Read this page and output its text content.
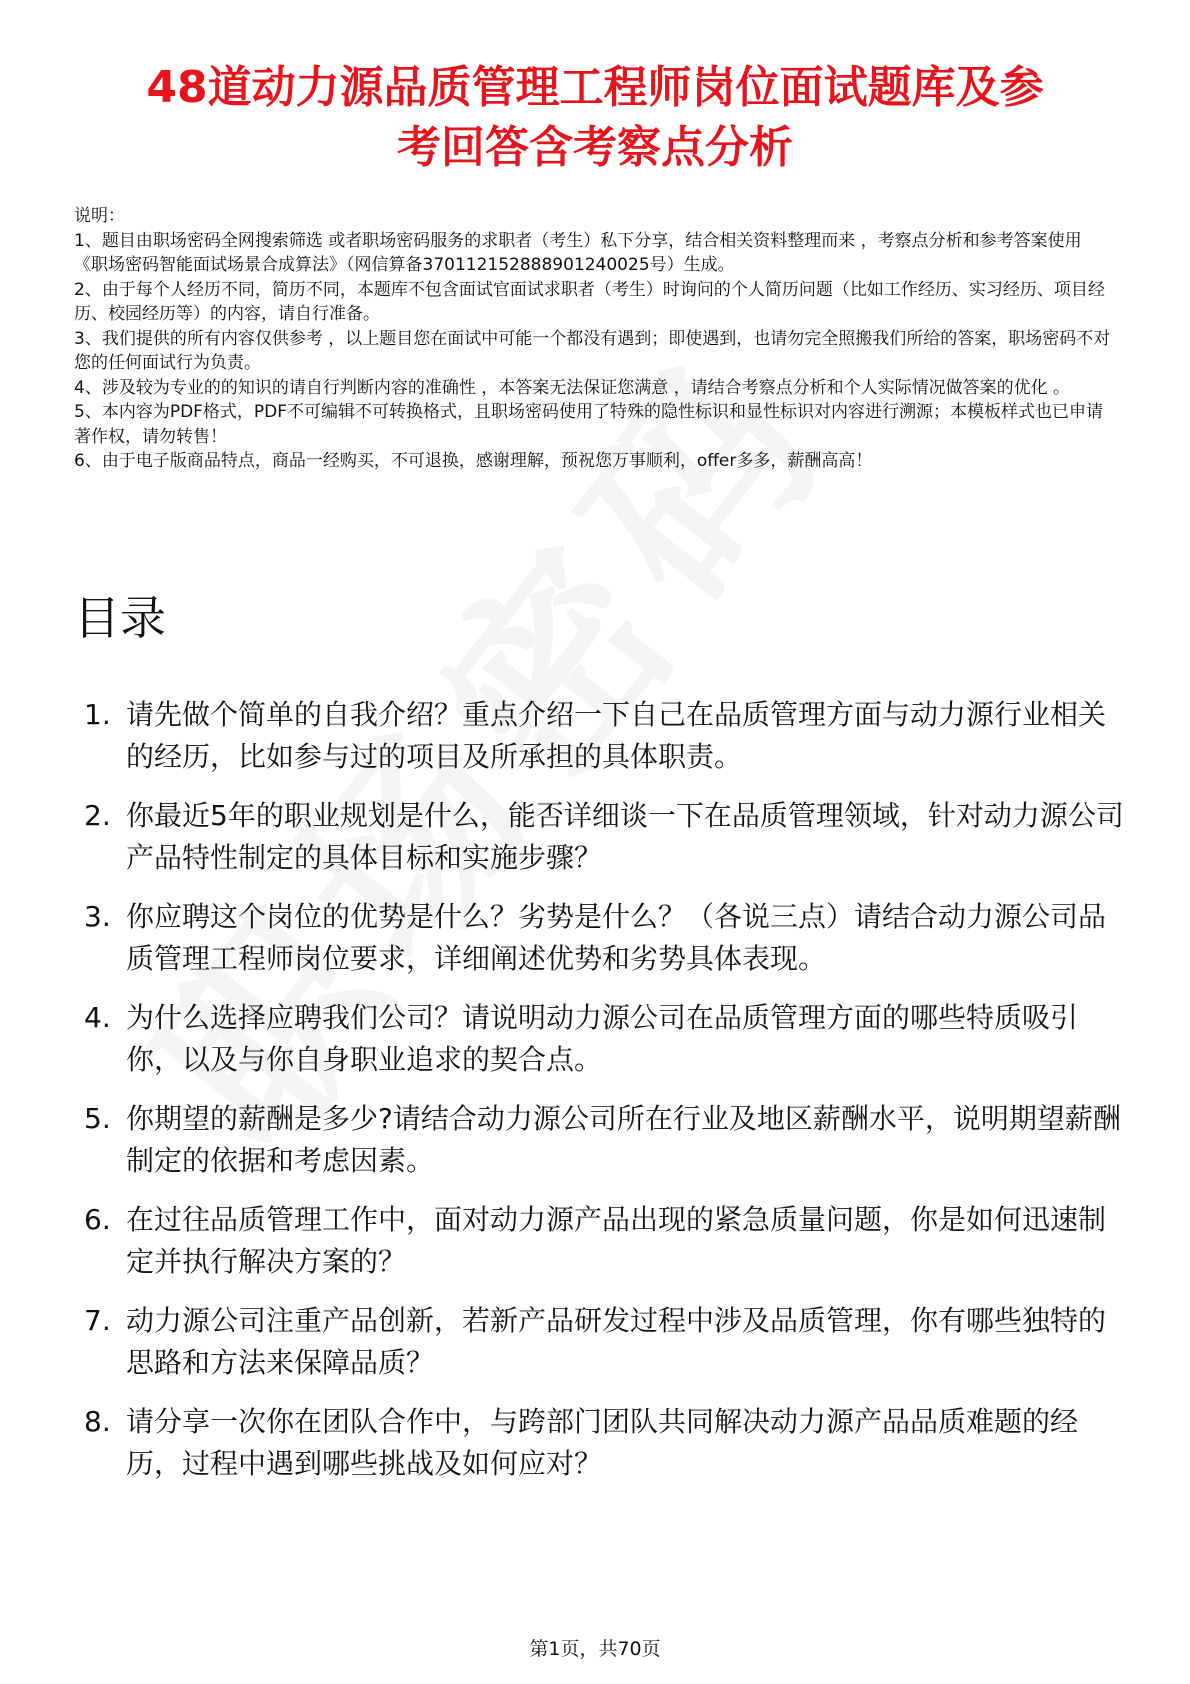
48道动力源品质管理工程师岗位面试题库及参
考回答含考察点分析

说明：

1、题目由职场密码全网搜索筛选 或者职场密码服务的求职者（考生）私下分享，结合相关资料整理而来 ，考察点分析和参考答案使用《职场密码智能面试场景合成算法》（网信算备370112152888901240025号）生成。

2、由于每个人经历不同，简历不同，本题库不包含面试官面试求职者（考生）时询问的个人简历问题（比如工作经历、实习经历、项目经历、校园经历等）的内容，请自行准备。

3、我们提供的所有内容仅供参考 ，以上题目您在面试中可能一个都没有遇到；即使遇到，也请勿完全照搬我们所给的答案，职场密码不对您的任何面试行为负责。

4、涉及较为专业的的知识的请自行判断内容的准确性 ，本答案无法保证您满意 ，请结合考察点分析和个人实际情况做答案的优化 。

5、本内容为PDF格式，PDF不可编辑不可转换格式，且职场密码使用了特殊的隐性标识和显性标识对内容进行溯源；本模板样式也已申请著作权，请勿转售！

6、由于电子版商品特点，商品一经购买，不可退换，感谢理解，预祝您万事顺利，offer多多，薪酬高高！

目录
1. 请先做个简单的自我介绍？重点介绍一下自己在品质管理方面与动力源行业相关的经历，比如参与过的项目及所承担的具体职责。
2. 你最近5年的职业规划是什么，能否详细谈一下在品质管理领域，针对动力源公司产品特性制定的具体目标和实施步骤？
3. 你应聘这个岗位的优势是什么？劣势是什么？（各说三点）请结合动力源公司品质管理工程师岗位要求，详细阐述优势和劣势具体表现。
4. 为什么选择应聘我们公司？请说明动力源公司在品质管理方面的哪些特质吸引你，以及与你自身职业追求的契合点。
5. 你期望的薪酬是多少?请结合动力源公司所在行业及地区薪酬水平，说明期望薪酬制定的依据和考虑因素。
6. 在过往品质管理工作中，面对动力源产品出现的紧急质量问题，你是如何迅速制定并执行解决方案的？
7. 动力源公司注重产品创新，若新产品研发过程中涉及品质管理，你有哪些独特的思路和方法来保障品质？
8. 请分享一次你在团队合作中，与跨部门团队共同解决动力源产品品质难题的经历，过程中遇到哪些挑战及如何应对？
第1页，共70页
